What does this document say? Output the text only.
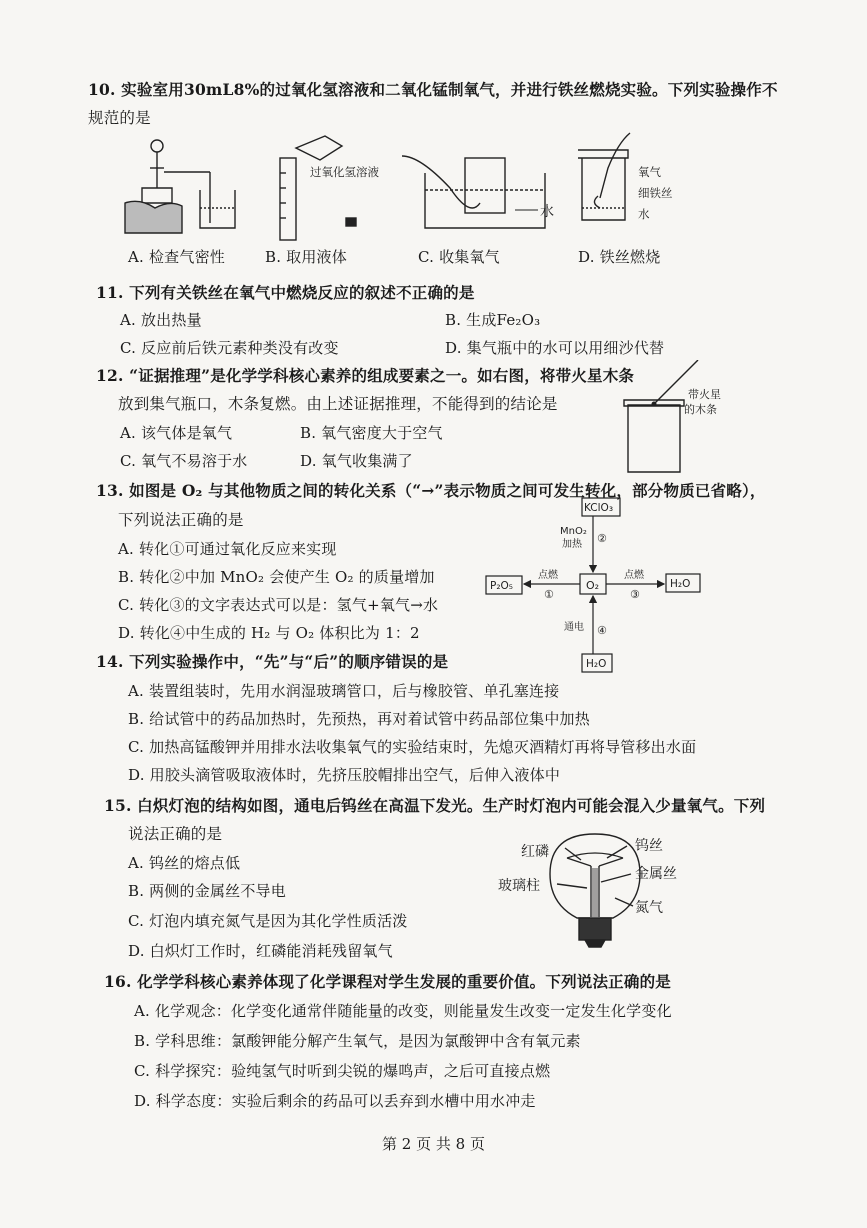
10. 实验室用30mL8%的过氧化氢溶液和二氧化锰制氧气，并进行铁丝燃烧实验。下列实验操作不
规范的是
过氧化氢溶液
水
氧气
细铁丝
水
A. 检查气密性	B. 取用液体	C. 收集氧气	D. 铁丝燃烧
11. 下列有关铁丝在氧气中燃烧反应的叙述不正确的是
A. 放出热量	B. 生成Fe₂O₃
C. 反应前后铁元素种类没有改变	D. 集气瓶中的水可以用细沙代替
12. “证据推理”是化学学科核心素养的组成要素之一。如右图，将带火星木条
放到集气瓶口，木条复燃。由上述证据推理，不能得到的结论是
A. 该气体是氧气	B. 氧气密度大于空气
C. 氧气不易溶于水	D. 氧气收集满了
带火星
的木条
13. 如图是 O₂ 与其他物质之间的转化关系（“→”表示物质之间可发生转化，部分物质已省略），
下列说法正确的是
A. 转化①可通过氧化反应来实现
B. 转化②中加 MnO₂ 会使产生 O₂ 的质量增加
C. 转化③的文字表达式可以是：氢气+氧气→水
D. 转化④中生成的 H₂ 与 O₂ 体积比为 1：2
KClO₃
O₂
P₂O₅	H₂O
H₂O
MnO₂
加热 ②
点燃
①
点燃
③
通电 ④
14. 下列实验操作中，“先”与“后”的顺序错误的是
A. 装置组装时，先用水润湿玻璃管口，后与橡胶管、单孔塞连接
B. 给试管中的药品加热时，先预热，再对着试管中药品部位集中加热
C. 加热高锰酸钾并用排水法收集氧气的实验结束时，先熄灭酒精灯再将导管移出水面
D. 用胶头滴管吸取液体时，先挤压胶帽排出空气，后伸入液体中
15. 白炽灯泡的结构如图，通电后钨丝在高温下发光。生产时灯泡内可能会混入少量氧气。下列
说法正确的是
A. 钨丝的熔点低
B. 两侧的金属丝不导电
C. 灯泡内填充氮气是因为其化学性质活泼
D. 白炽灯工作时，红磷能消耗残留氧气
红磷	钨丝
金属丝
玻璃柱
氮气
16. 化学学科核心素养体现了化学课程对学生发展的重要价值。下列说法正确的是
A. 化学观念：化学变化通常伴随能量的改变，则能量发生改变一定发生化学变化
B. 学科思维：氯酸钾能分解产生氧气，是因为氯酸钾中含有氧元素
C. 科学探究：验纯氢气时听到尖锐的爆鸣声，之后可直接点燃
D. 科学态度：实验后剩余的药品可以丢弃到水槽中用水冲走
第 2 页 共 8 页
